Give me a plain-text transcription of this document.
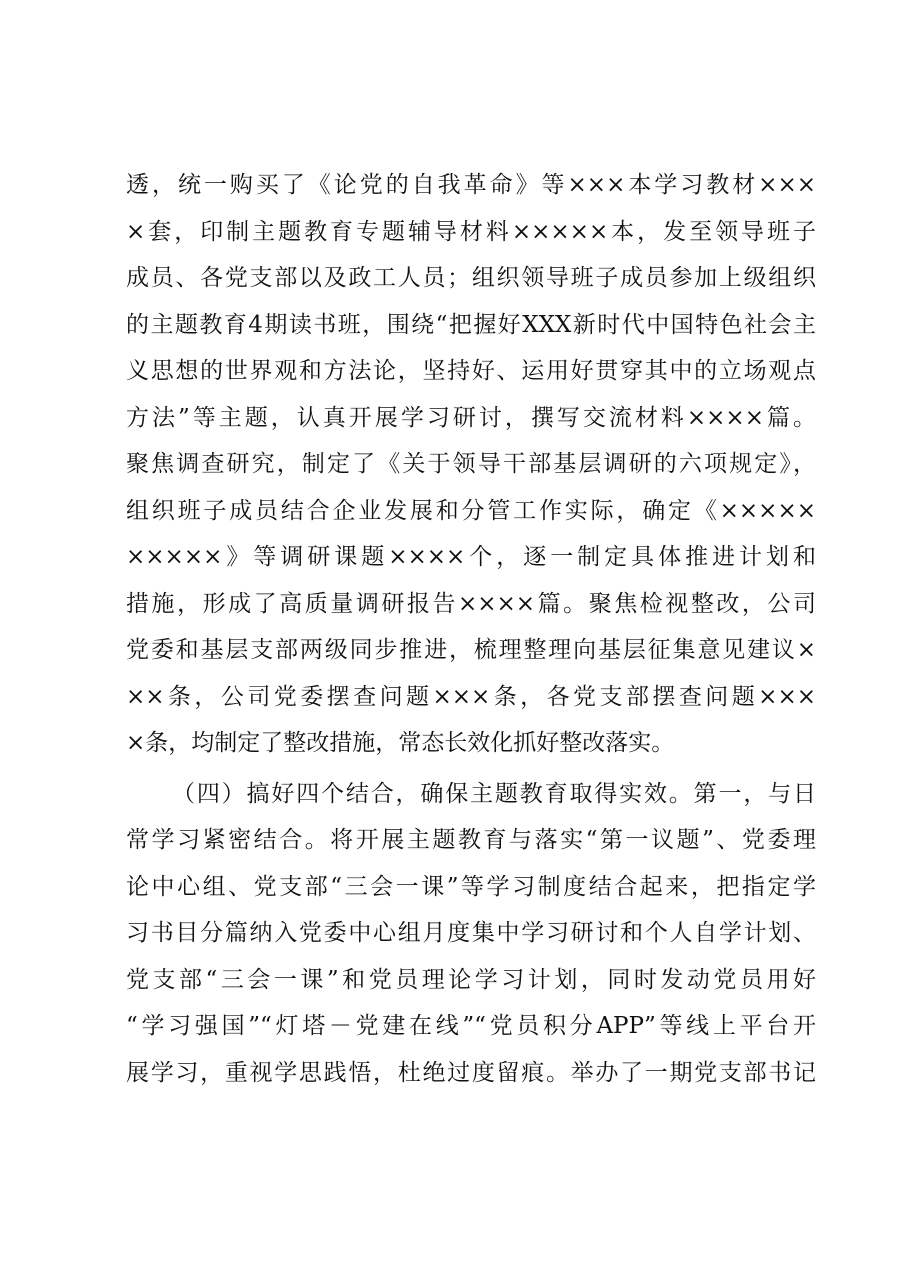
透，统一购买了《论党的自我革命》等×××本学习教材×××
×套，印制主题教育专题辅导材料×××××本，发至领导班子
成员、各党支部以及政工人员；组织领导班子成员参加上级组织
的主题教育4期读书班，围绕“把握好XXX新时代中国特色社会主
义思想的世界观和方法论，坚持好、运用好贯穿其中的立场观点
方法”等主题，认真开展学习研讨，撰写交流材料××××篇。
聚焦调查研究，制定了《关于领导干部基层调研的六项规定》，
组织班子成员结合企业发展和分管工作实际，确定《×××××
×××××》等调研课题××××个，逐一制定具体推进计划和
措施，形成了高质量调研报告××××篇。聚焦检视整改，公司
党委和基层支部两级同步推进，梳理整理向基层征集意见建议×
××条，公司党委摆查问题×××条，各党支部摆查问题×××
×条，均制定了整改措施，常态长效化抓好整改落实。
（四）搞好四个结合，确保主题教育取得实效。第一，与日
常学习紧密结合。将开展主题教育与落实“第一议题”、党委理
论中心组、党支部“三会一课”等学习制度结合起来，把指定学
习书目分篇纳入党委中心组月度集中学习研讨和个人自学计划、
党支部“三会一课”和党员理论学习计划，同时发动党员用好
“学习强国”“灯塔－党建在线”“党员积分APP”等线上平台开
展学习，重视学思践悟，杜绝过度留痕。举办了一期党支部书记
